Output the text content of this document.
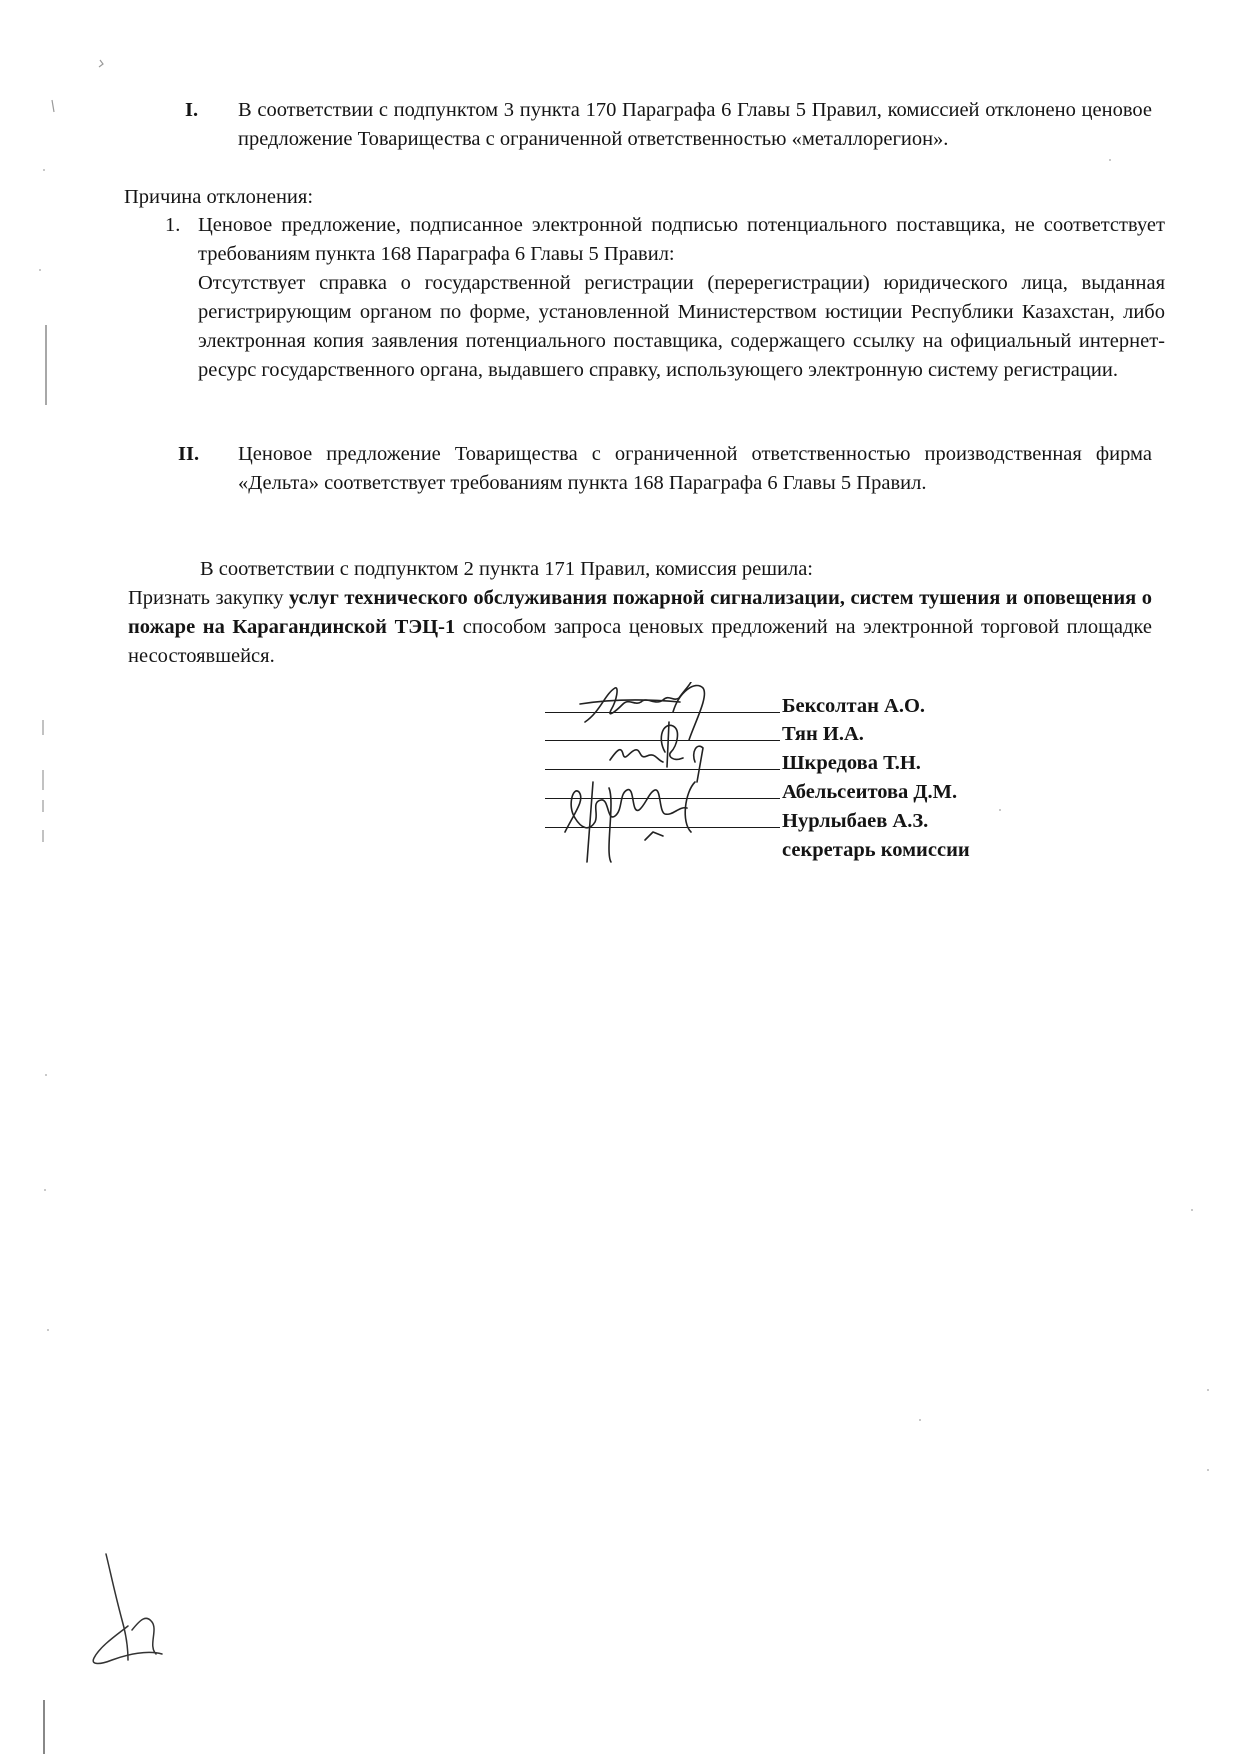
I. В соответствии с подпунктом 3 пункта 170 Параграфа 6 Главы 5 Правил, комиссией отклонено ценовое предложение Товарищества с ограниченной ответственностью «металлорегион».
Причина отклонения:
1. Ценовое предложение, подписанное электронной подписью потенциального поставщика, не соответствует требованиям пункта 168 Параграфа 6 Главы 5 Правил:
Отсутствует справка о государственной регистрации (перерегистрации) юридического лица, выданная регистрирующим органом по форме, установленной Министерством юстиции Республики Казахстан, либо электронная копия заявления потенциального поставщика, содержащего ссылку на официальный интернет-ресурс государственного органа, выдавшего справку, использующего электронную систему регистрации.
II. Ценовое предложение Товарищества с ограниченной ответственностью производственная фирма «Дельта» соответствует требованиям пункта 168 Параграфа 6 Главы 5 Правил.
В соответствии с подпунктом 2 пункта 171 Правил, комиссия решила:
Признать закупку услуг технического обслуживания пожарной сигнализации, систем тушения и оповещения о пожаре на Карагандинской ТЭЦ-1 способом запроса ценовых предложений на электронной торговой площадке несостоявшейся.
Бексолтан А.О.
Тян И.А.
Шкредова Т.Н.
Абельсеитова Д.М.
Нурлыбаев А.З.
секретарь комиссии
